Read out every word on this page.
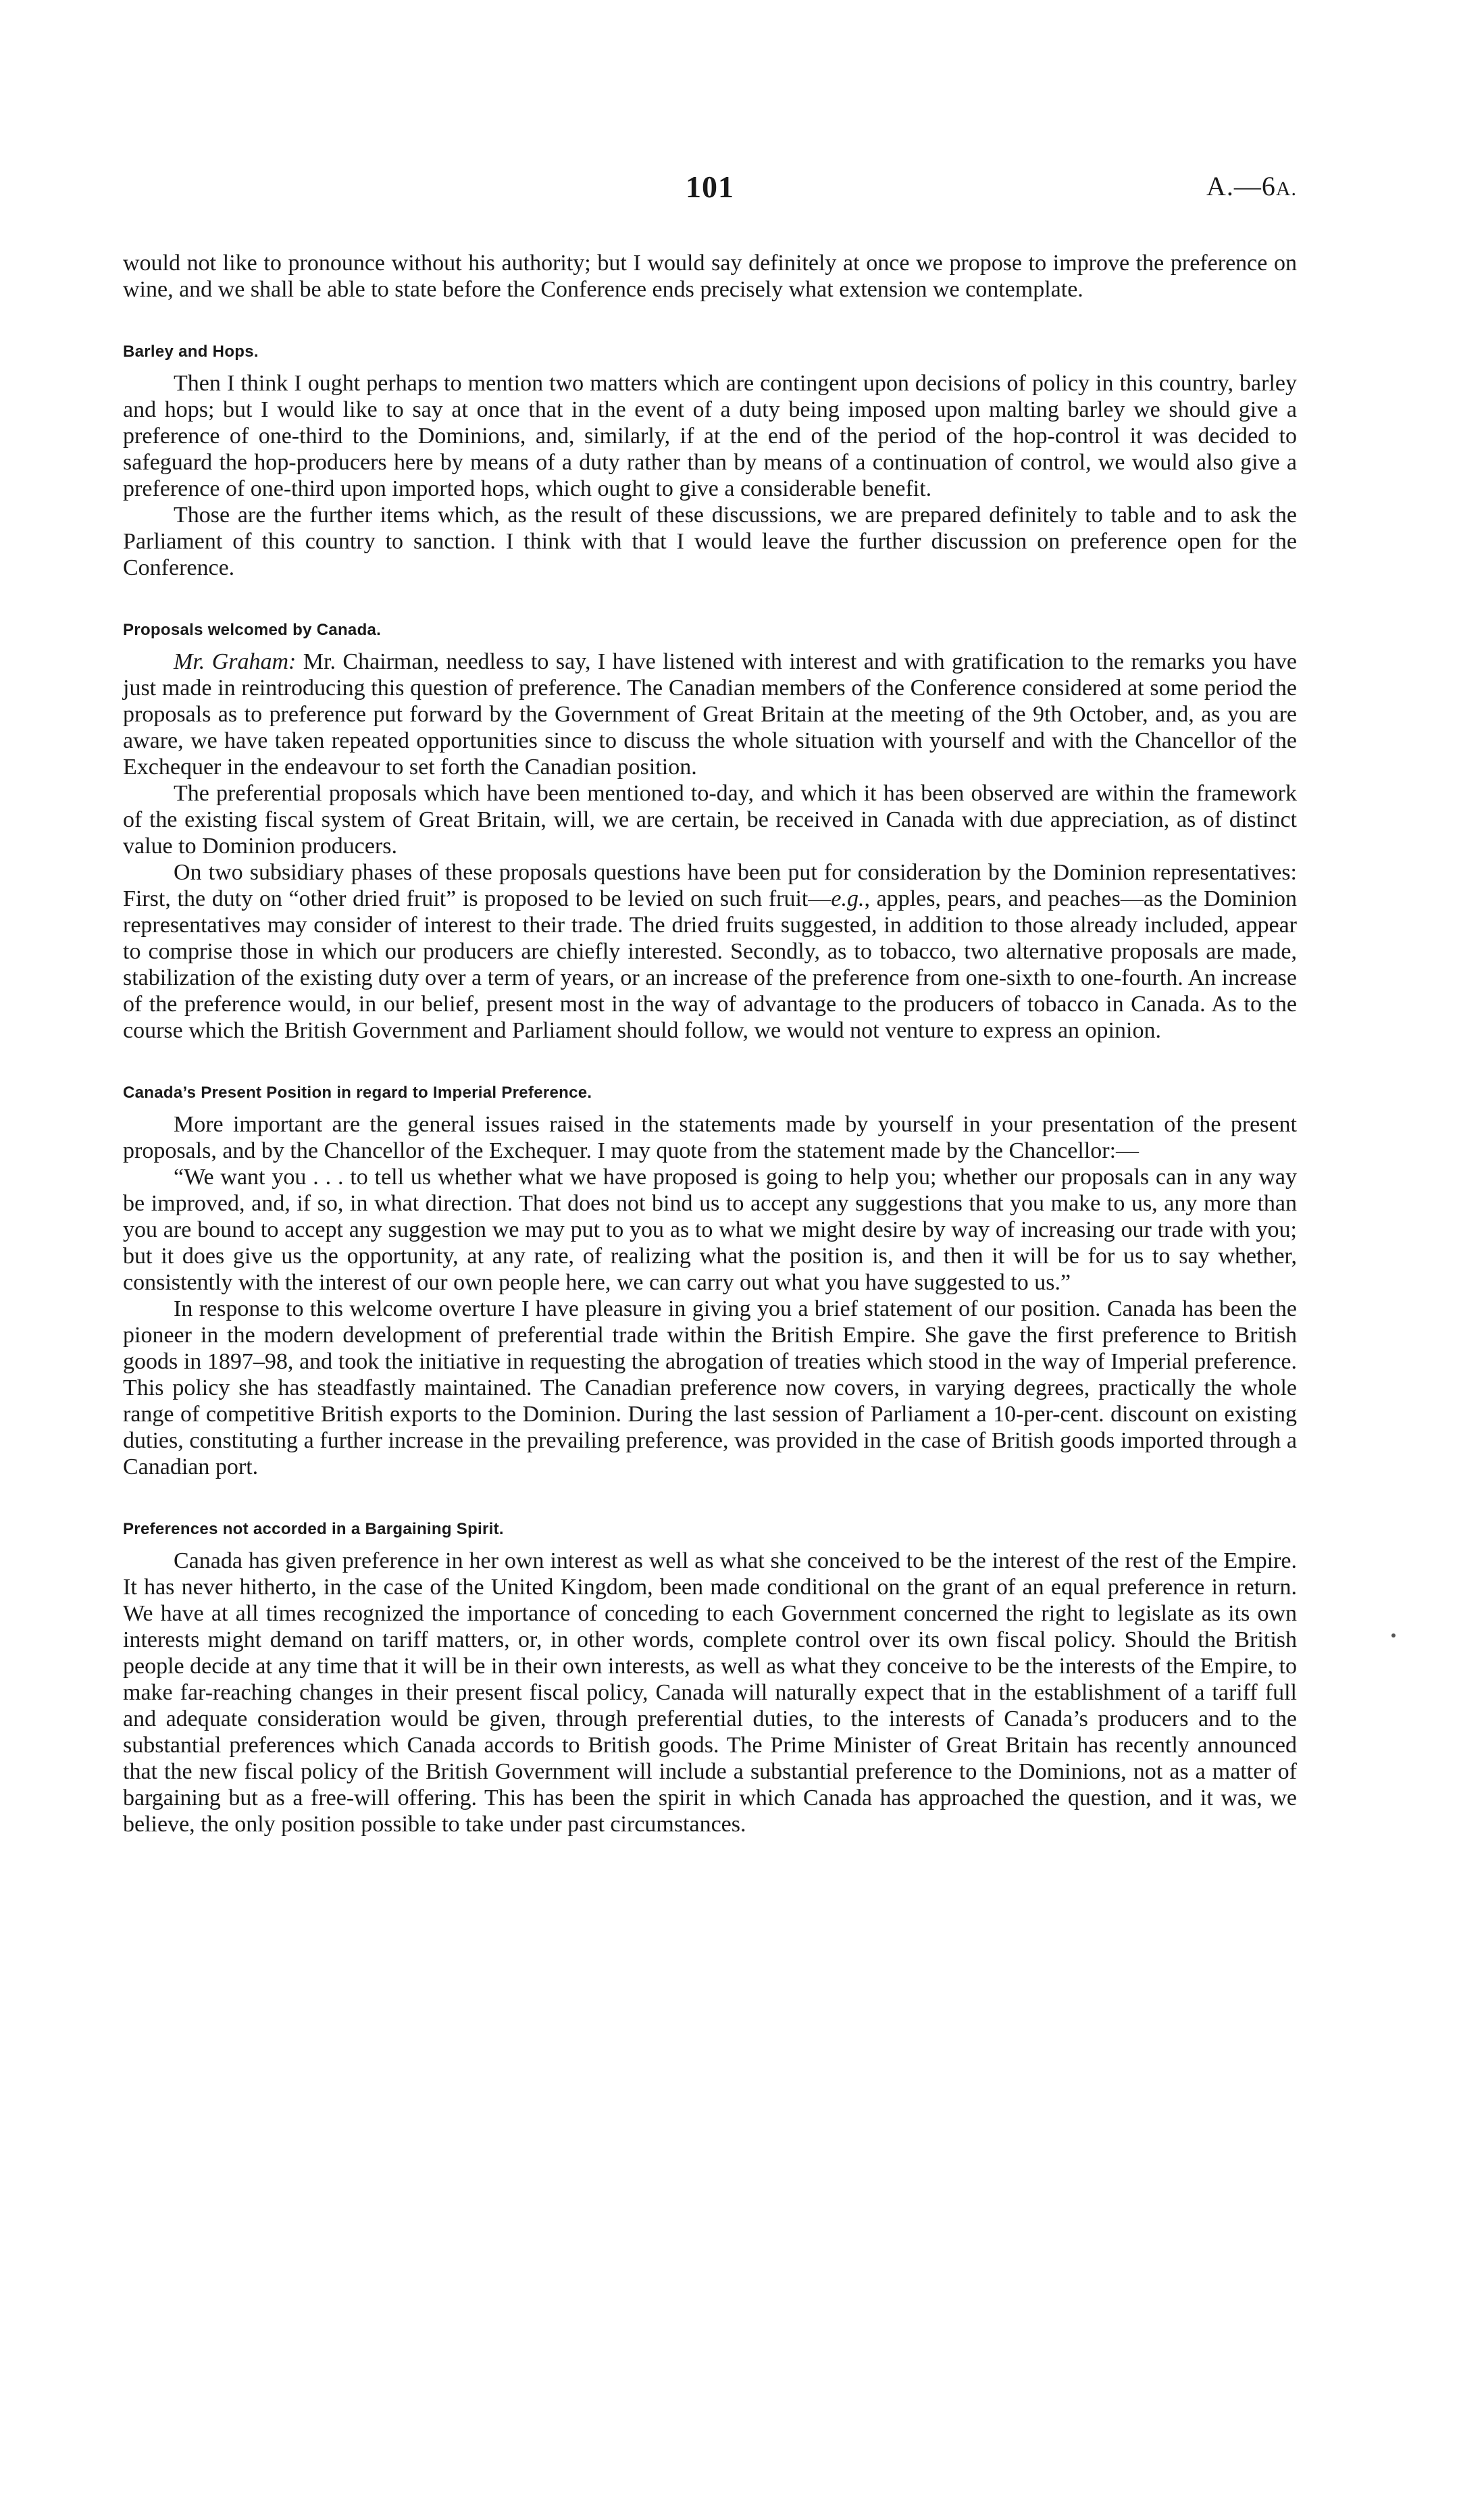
101	A.—6A.

would not like to pronounce without his authority; but I would say definitely at once we propose to improve the preference on wine, and we shall be able to state before the Conference ends precisely what extension we contemplate.

Barley and Hops.

Then I think I ought perhaps to mention two matters which are contingent upon decisions of policy in this country, barley and hops; but I would like to say at once that in the event of a duty being imposed upon malting barley we should give a preference of one-third to the Dominions, and, similarly, if at the end of the period of the hop-control it was decided to safeguard the hop-producers here by means of a duty rather than by means of a continuation of control, we would also give a preference of one-third upon imported hops, which ought to give a considerable benefit.

Those are the further items which, as the result of these discussions, we are prepared definitely to table and to ask the Parliament of this country to sanction. I think with that I would leave the further discussion on preference open for the Conference.

Proposals welcomed by Canada.

Mr. Graham: Mr. Chairman, needless to say, I have listened with interest and with gratification to the remarks you have just made in reintroducing this question of preference. The Canadian members of the Conference considered at some period the proposals as to preference put forward by the Government of Great Britain at the meeting of the 9th October, and, as you are aware, we have taken repeated opportunities since to discuss the whole situation with yourself and with the Chancellor of the Exchequer in the endeavour to set forth the Canadian position.

The preferential proposals which have been mentioned to-day, and which it has been observed are within the framework of the existing fiscal system of Great Britain, will, we are certain, be received in Canada with due appreciation, as of distinct value to Dominion producers.

On two subsidiary phases of these proposals questions have been put for consideration by the Dominion representatives: First, the duty on “other dried fruit” is proposed to be levied on such fruit—e.g., apples, pears, and peaches—as the Dominion representatives may consider of interest to their trade. The dried fruits suggested, in addition to those already included, appear to comprise those in which our producers are chiefly interested. Secondly, as to tobacco, two alternative proposals are made, stabilization of the existing duty over a term of years, or an increase of the preference from one-sixth to one-fourth. An increase of the preference would, in our belief, present most in the way of advantage to the producers of tobacco in Canada. As to the course which the British Government and Parliament should follow, we would not venture to express an opinion.

Canada’s Present Position in regard to Imperial Preference.

More important are the general issues raised in the statements made by yourself in your presentation of the present proposals, and by the Chancellor of the Exchequer. I may quote from the statement made by the Chancellor:—

“We want you . . . to tell us whether what we have proposed is going to help you; whether our proposals can in any way be improved, and, if so, in what direction. That does not bind us to accept any suggestions that you make to us, any more than you are bound to accept any suggestion we may put to you as to what we might desire by way of increasing our trade with you; but it does give us the opportunity, at any rate, of realizing what the position is, and then it will be for us to say whether, consistently with the interest of our own people here, we can carry out what you have suggested to us.”

In response to this welcome overture I have pleasure in giving you a brief statement of our position. Canada has been the pioneer in the modern development of preferential trade within the British Empire. She gave the first preference to British goods in 1897–98, and took the initiative in requesting the abrogation of treaties which stood in the way of Imperial preference. This policy she has steadfastly maintained. The Canadian preference now covers, in varying degrees, practically the whole range of competitive British exports to the Dominion. During the last session of Parliament a 10-per-cent. discount on existing duties, constituting a further increase in the prevailing preference, was provided in the case of British goods imported through a Canadian port.

Preferences not accorded in a Bargaining Spirit.

Canada has given preference in her own interest as well as what she conceived to be the interest of the rest of the Empire. It has never hitherto, in the case of the United Kingdom, been made conditional on the grant of an equal preference in return. We have at all times recognized the importance of conceding to each Government concerned the right to legislate as its own interests might demand on tariff matters, or, in other words, complete control over its own fiscal policy. Should the British people decide at any time that it will be in their own interests, as well as what they conceive to be the interests of the Empire, to make far-reaching changes in their present fiscal policy, Canada will naturally expect that in the establishment of a tariff full and adequate consideration would be given, through preferential duties, to the interests of Canada’s producers and to the substantial preferences which Canada accords to British goods. The Prime Minister of Great Britain has recently announced that the new fiscal policy of the British Government will include a substantial preference to the Dominions, not as a matter of bargaining but as a free-will offering. This has been the spirit in which Canada has approached the question, and it was, we believe, the only position possible to take under past circumstances.
